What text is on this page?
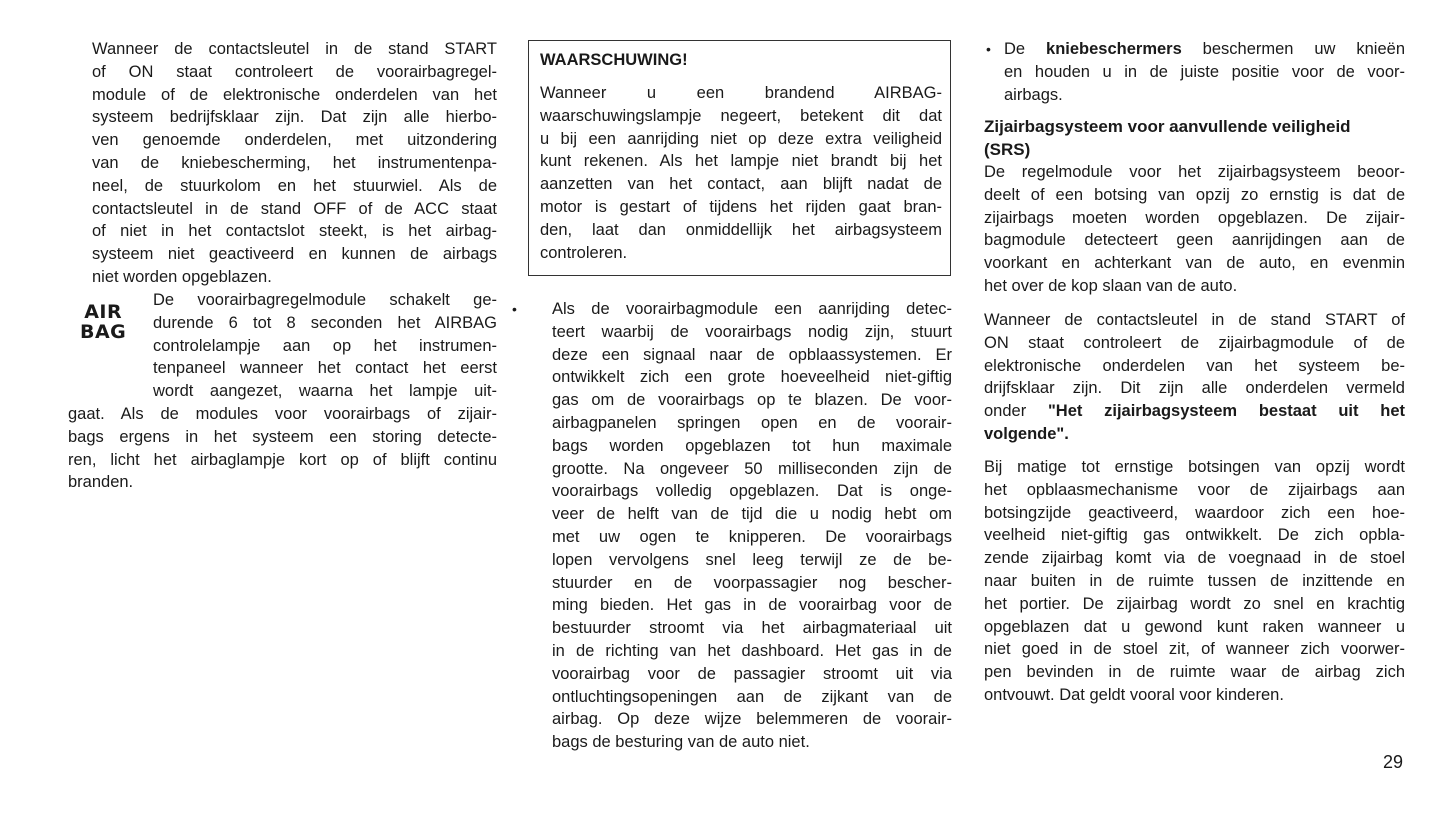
Wanneer de contactsleutel in de stand START
of ON staat controleert de voorairbagregel-
module of de elektronische onderdelen van het
systeem bedrijfsklaar zijn. Dat zijn alle hierbo-
ven genoemde onderdelen, met uitzondering
van de kniebescherming, het instrumentenpa-
neel, de stuurkolom en het stuurwiel. Als de
contactsleutel in de stand OFF of de ACC staat
of niet in het contactslot steekt, is het airbag-
systeem niet geactiveerd en kunnen de airbags
niet worden opgeblazen.
AIR
BAG
De voorairbagregelmodule schakelt ge-
durende 6 tot 8 seconden het AIRBAG
controlelampje aan op het instrumen-
tenpaneel wanneer het contact het eerst
wordt aangezet, waarna het lampje uit-
gaat. Als de modules voor voorairbags of zijair-
bags ergens in het systeem een storing detecte-
ren, licht het airbaglampje kort op of blijft continu
branden.
WAARSCHUWING!
Wanneer u een brandend AIRBAG-
waarschuwingslampje negeert, betekent dit dat
u bij een aanrijding niet op deze extra veiligheid
kunt rekenen. Als het lampje niet brandt bij het
aanzetten van het contact, aan blijft nadat de
motor is gestart of tijdens het rijden gaat bran-
den, laat dan onmiddellijk het airbagsysteem
controleren.
• Als de voorairbagmodule een aanrijding detec-
teert waarbij de voorairbags nodig zijn, stuurt
deze een signaal naar de opblaassystemen. Er
ontwikkelt zich een grote hoeveelheid niet-giftig
gas om de voorairbags op te blazen. De voor-
airbagpanelen springen open en de voorair-
bags worden opgeblazen tot hun maximale
grootte. Na ongeveer 50 milliseconden zijn de
voorairbags volledig opgeblazen. Dat is onge-
veer de helft van de tijd die u nodig hebt om
met uw ogen te knipperen. De voorairbags
lopen vervolgens snel leeg terwijl ze de be-
stuurder en de voorpassagier nog bescher-
ming bieden. Het gas in de voorairbag voor de
bestuurder stroomt via het airbagmateriaal uit
in de richting van het dashboard. Het gas in de
voorairbag voor de passagier stroomt uit via
ontluchtingsopeningen aan de zijkant van de
airbag. Op deze wijze belemmeren de voorair-
bags de besturing van de auto niet.
• De kniebeschermers beschermen uw knieën
en houden u in de juiste positie voor de voor-
airbags.
Zijairbagsysteem voor aanvullende veiligheid
(SRS)
De regelmodule voor het zijairbagsysteem beoor-
deelt of een botsing van opzij zo ernstig is dat de
zijairbags moeten worden opgeblazen. De zijair-
bagmodule detecteert geen aanrijdingen aan de
voorkant en achterkant van de auto, en evenmin
het over de kop slaan van de auto.
Wanneer de contactsleutel in de stand START of
ON staat controleert de zijairbagmodule of de
elektronische onderdelen van het systeem be-
drijfsklaar zijn. Dit zijn alle onderdelen vermeld
onder "Het zijairbagsysteem bestaat uit het
volgende".
Bij matige tot ernstige botsingen van opzij wordt
het opblaasmechanisme voor de zijairbags aan
botsingzijde geactiveerd, waardoor zich een hoe-
veelheid niet-giftig gas ontwikkelt. De zich opbla-
zende zijairbag komt via de voegnaad in de stoel
naar buiten in de ruimte tussen de inzittende en
het portier. De zijairbag wordt zo snel en krachtig
opgeblazen dat u gewond kunt raken wanneer u
niet goed in de stoel zit, of wanneer zich voorwer-
pen bevinden in de ruimte waar de airbag zich
ontvouwt. Dat geldt vooral voor kinderen.
29
